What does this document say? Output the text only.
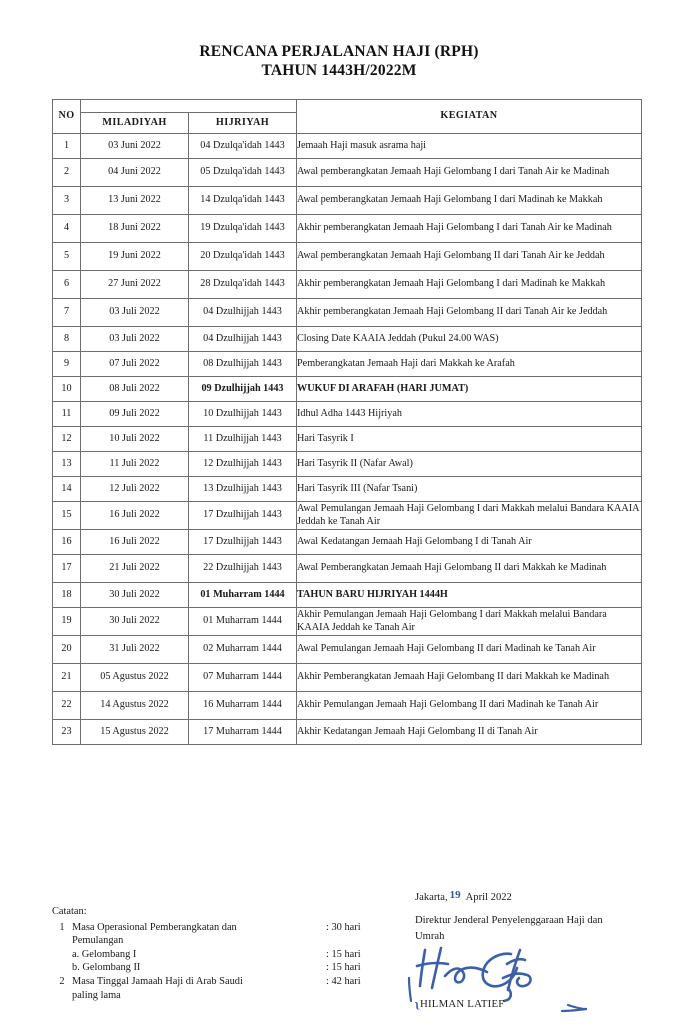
RENCANA PERJALANAN HAJI (RPH)
TAHUN 1443H/2022M
NO			KEGIATAN
	MILADIYAH	HIJRIYAH	
1	03 Juni 2022	04 Dzulqa'idah 1443	Jemaah Haji masuk asrama haji
2	04 Juni 2022	05 Dzulqa'idah 1443	Awal pemberangkatan Jemaah Haji Gelombang I dari Tanah Air ke Madinah
3	13 Juni 2022	14 Dzulqa'idah 1443	Awal pemberangkatan Jemaah Haji Gelombang I dari Madinah ke Makkah
4	18 Juni 2022	19 Dzulqa'idah 1443	Akhir pemberangkatan Jemaah Haji Gelombang I dari Tanah Air ke Madinah
5	19 Juni 2022	20 Dzulqa'idah 1443	Awal pemberangkatan Jemaah Haji Gelombang II dari Tanah Air ke Jeddah
6	27 Juni 2022	28 Dzulqa'idah 1443	Akhir pemberangkatan Jemaah Haji Gelombang I dari Madinah ke Makkah
7	03 Juli 2022	04 Dzulhijjah 1443	Akhir pemberangkatan Jemaah Haji Gelombang II dari Tanah Air ke Jeddah
8	03 Juli 2022	04 Dzulhijjah 1443	Closing Date KAAIA Jeddah (Pukul 24.00 WAS)
9	07 Juli 2022	08 Dzulhijjah 1443	Pemberangkatan Jemaah Haji dari Makkah ke Arafah
10	08 Juli 2022	09 Dzulhijjah 1443	WUKUF DI ARAFAH (HARI JUMAT)
11	09 Juli 2022	10 Dzulhijjah 1443	Idhul Adha 1443 Hijriyah
12	10 Juli 2022	11 Dzulhijjah 1443	Hari Tasyrik I
13	11 Juli 2022	12 Dzulhijjah 1443	Hari Tasyrik II (Nafar Awal)
14	12 Juli 2022	13 Dzulhijjah 1443	Hari Tasyrik III (Nafar Tsani)
15	16 Juli 2022	17 Dzulhijjah 1443	Awal Pemulangan Jemaah Haji Gelombang I dari Makkah melalui Bandara KAAIA Jeddah ke Tanah Air
16	16 Juli 2022	17 Dzulhijjah 1443	Awal Kedatangan Jemaah Haji Gelombang I di Tanah Air
17	21 Juli 2022	22 Dzulhijjah 1443	Awal Pemberangkatan Jemaah Haji Gelombang II dari Makkah ke Madinah
18	30 Juli 2022	01 Muharram 1444	TAHUN BARU HIJRIYAH 1444H
19	30 Juli 2022	01 Muharram 1444	Akhir Pemulangan Jemaah Haji Gelombang I dari Makkah melalui Bandara KAAIA Jeddah ke Tanah Air
20	31 Juli 2022	02 Muharram 1444	Awal Pemulangan Jemaah Haji Gelombang II dari Madinah ke Tanah Air
21	05 Agustus 2022	07 Muharram 1444	Akhir Pemberangkatan Jemaah Haji Gelombang II dari Makkah ke Madinah
22	14 Agustus 2022	16 Muharram 1444	Akhir Pemulangan Jemaah Haji Gelombang II dari Madinah ke Tanah Air
23	15 Agustus 2022	17 Muharram 1444	Akhir Kedatangan Jemaah Haji Gelombang II di Tanah Air
Catatan:
1 Masa Operasional Pemberangkatan dan	: 30 hari
Pemulangan
a. Gelombang I	: 15 hari
b. Gelombang II	: 15 hari
2 Masa Tinggal Jamaah Haji di Arab Saudi	: 42 hari
paling lama
Jakarta, 19 April 2022
Direktur Jenderal Penyelenggaraan Haji dan
Umrah
ʅHILMAN LATIEF
